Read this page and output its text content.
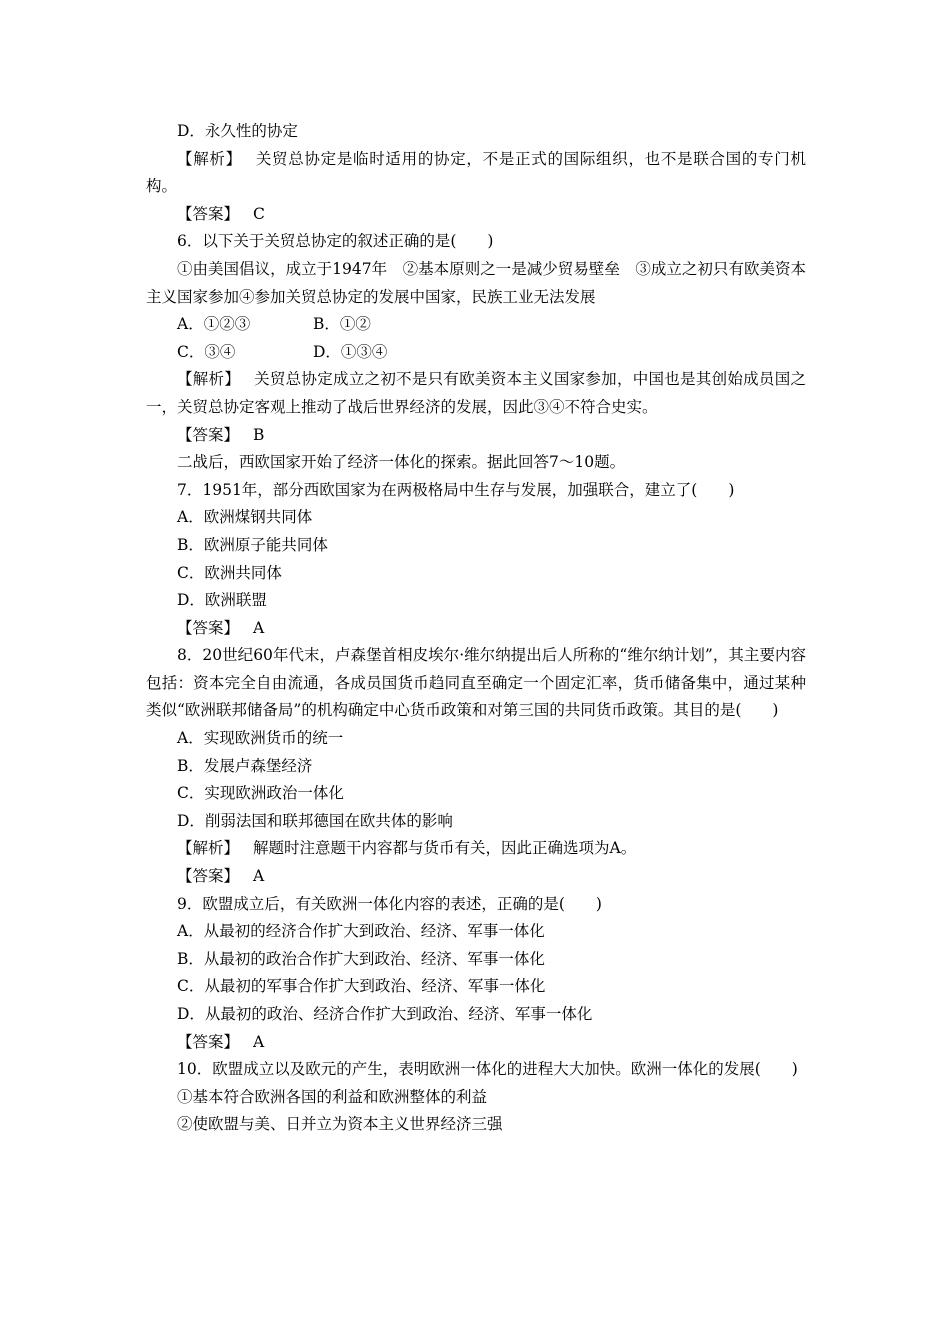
D．永久性的协定
【解析】 关贸总协定是临时适用的协定，不是正式的国际组织，也不是联合国的专门机构。
【答案】 C
6．以下关于关贸总协定的叙述正确的是(　　)
①由美国倡议，成立于1947年　②基本原则之一是减少贸易壁垒　③成立之初只有欧美资本主义国家参加④参加关贸总协定的发展中国家，民族工业无法发展
A．①②③	B．①②
C．③④	D．①③④
【解析】 关贸总协定成立之初不是只有欧美资本主义国家参加，中国也是其创始成员国之一，关贸总协定客观上推动了战后世界经济的发展，因此③④不符合史实。
【答案】 B
二战后，西欧国家开始了经济一体化的探索。据此回答7～10题。
7．1951年，部分西欧国家为在两极格局中生存与发展，加强联合，建立了(　　)
A．欧洲煤钢共同体
B．欧洲原子能共同体
C．欧洲共同体
D．欧洲联盟
【答案】 A
8．20世纪60年代末，卢森堡首相皮埃尔·维尔纳提出后人所称的“维尔纳计划”，其主要内容包括：资本完全自由流通，各成员国货币趋同直至确定一个固定汇率，货币储备集中，通过某种类似“欧洲联邦储备局”的机构确定中心货币政策和对第三国的共同货币政策。其目的是(　　)
A．实现欧洲货币的统一
B．发展卢森堡经济
C．实现欧洲政治一体化
D．削弱法国和联邦德国在欧共体的影响
【解析】 解题时注意题干内容都与货币有关，因此正确选项为A。
【答案】 A
9．欧盟成立后，有关欧洲一体化内容的表述，正确的是(　　)
A．从最初的经济合作扩大到政治、经济、军事一体化
B．从最初的政治合作扩大到政治、经济、军事一体化
C．从最初的军事合作扩大到政治、经济、军事一体化
D．从最初的政治、经济合作扩大到政治、经济、军事一体化
【答案】 A
10．欧盟成立以及欧元的产生，表明欧洲一体化的进程大大加快。欧洲一体化的发展(　　)
①基本符合欧洲各国的利益和欧洲整体的利益
②使欧盟与美、日并立为资本主义世界经济三强
